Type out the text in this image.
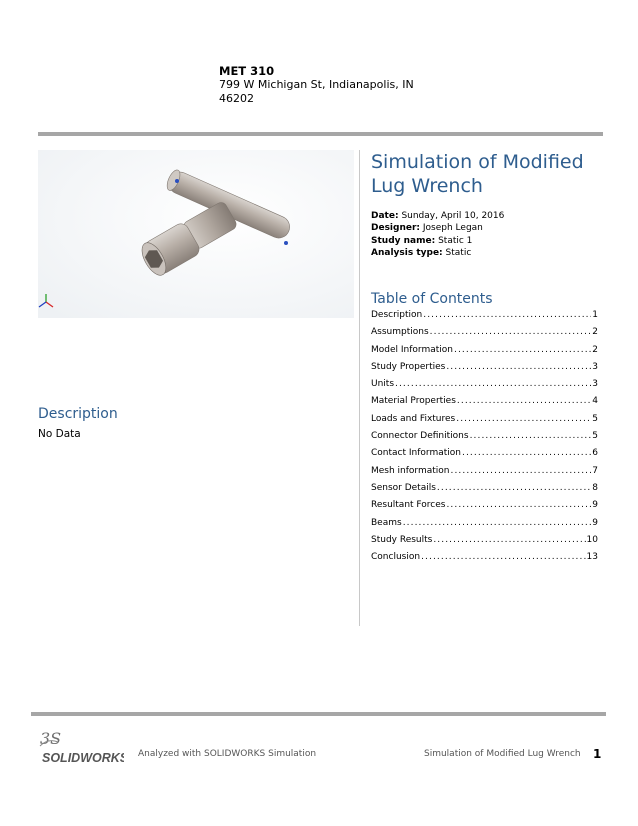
MET 310
799 W Michigan St, Indianapolis, IN
46202
Simulation of Modified Lug Wrench
Date: Sunday, April 10, 2016
Designer: Joseph Legan
Study name: Static 1
Analysis type: Static
Description
No Data
Table of Contents
Description .....	1
Assumptions .....	2
Model Information .....	2
Study Properties .....	3
Units .....	3
Material Properties .....	4
Loads and Fixtures .....	5
Connector Definitions .....	5
Contact Information .....	6
Mesh information .....	7
Sensor Details .....	8
Resultant Forces .....	9
Beams .....	9
Study Results .....	10
Conclusion .....	13
3S
SOLIDWORKS Analyzed with SOLIDWORKS Simulation	Simulation of Modified Lug Wrench 1
